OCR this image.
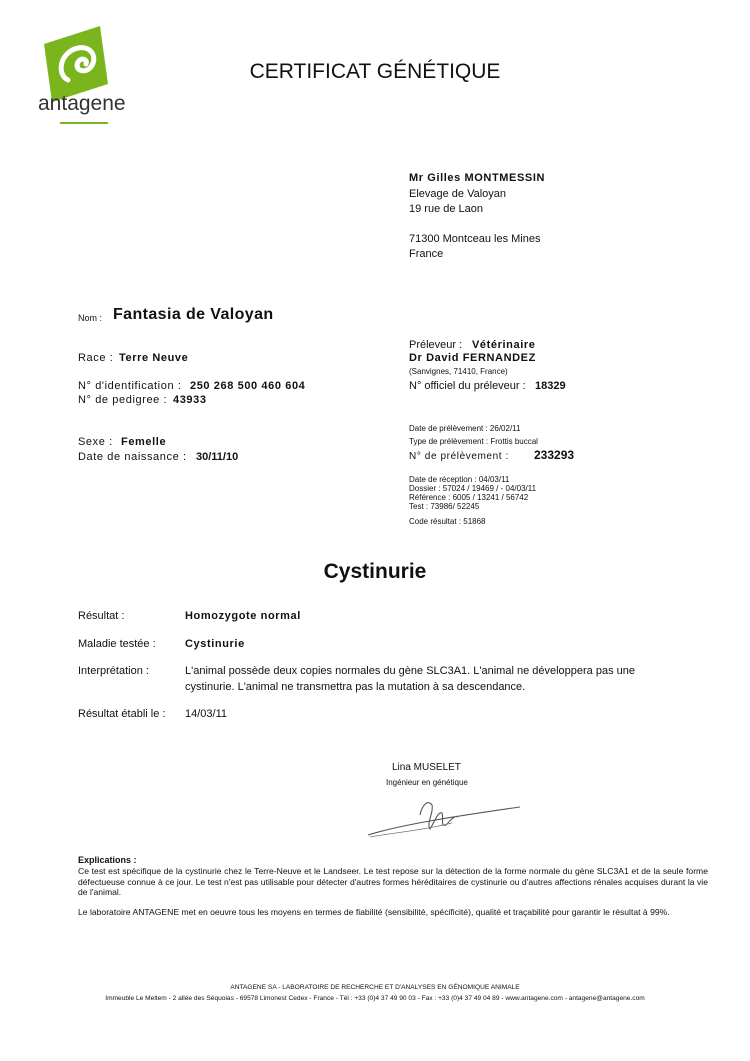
antagene
CERTIFICAT GÉNÉTIQUE
Mr Gilles MONTMESSIN
Elevage de Valoyan
19 rue de Laon
71300 Montceau les Mines
France
Nom : Fantasia de Valoyan
Race : Terre Neuve
N° d'identification : 250 268 500 460 604
N° de pedigree : 43933
Sexe : Femelle
Date de naissance : 30/11/10
Préleveur : Vétérinaire
Dr David FERNANDEZ
(Sanvignes, 71410, France)
N° officiel du préleveur : 18329
Date de prélèvement : 26/02/11
Type de prélèvement : Frottis buccal
N° de prélèvement : 233293
Date de réception : 04/03/11
Dossier : 57024 / 19469 / - 04/03/11
Référence : 6005 / 13241 / 56742
Test : 73986/ 52245
Code résultat : 51868
Cystinurie
Résultat :	Homozygote normal
Maladie testée :	Cystinurie
Interprétation :	L'animal possède deux copies normales du gène SLC3A1. L'animal ne développera pas une
cystinurie. L'animal ne transmettra pas la mutation à sa descendance.
Résultat établi le : 14/03/11
Lina MUSELET
Ingénieur en génétique
Explications :
Ce test est spécifique de la cystinurie chez le Terre-Neuve et le Landseer. Le test repose sur la détection de la forme normale du gène SLC3A1 et de la seule forme défectueuse connue à ce jour. Le test n'est pas utilisable pour détecter d'autres formes héréditaires de cystinurie ou d'autres affections rénales acquises durant la vie de l'animal.
Le laboratoire ANTAGENE met en oeuvre tous les moyens en termes de fiabilité (sensibilité, spécificité), qualité et traçabilité pour garantir le résultat à 99%.
ANTAGENE SA - LABORATOIRE DE RECHERCHE ET D'ANALYSES EN GÉNOMIQUE ANIMALE
Immeuble Le Meltem - 2 allée des Séquoias - 69578 Limonest Cedex - France - Tél : +33 (0)4 37 49 90 03 - Fax : +33 (0)4 37 49 04 89 - www.antagene.com - antagene@antagene.com
